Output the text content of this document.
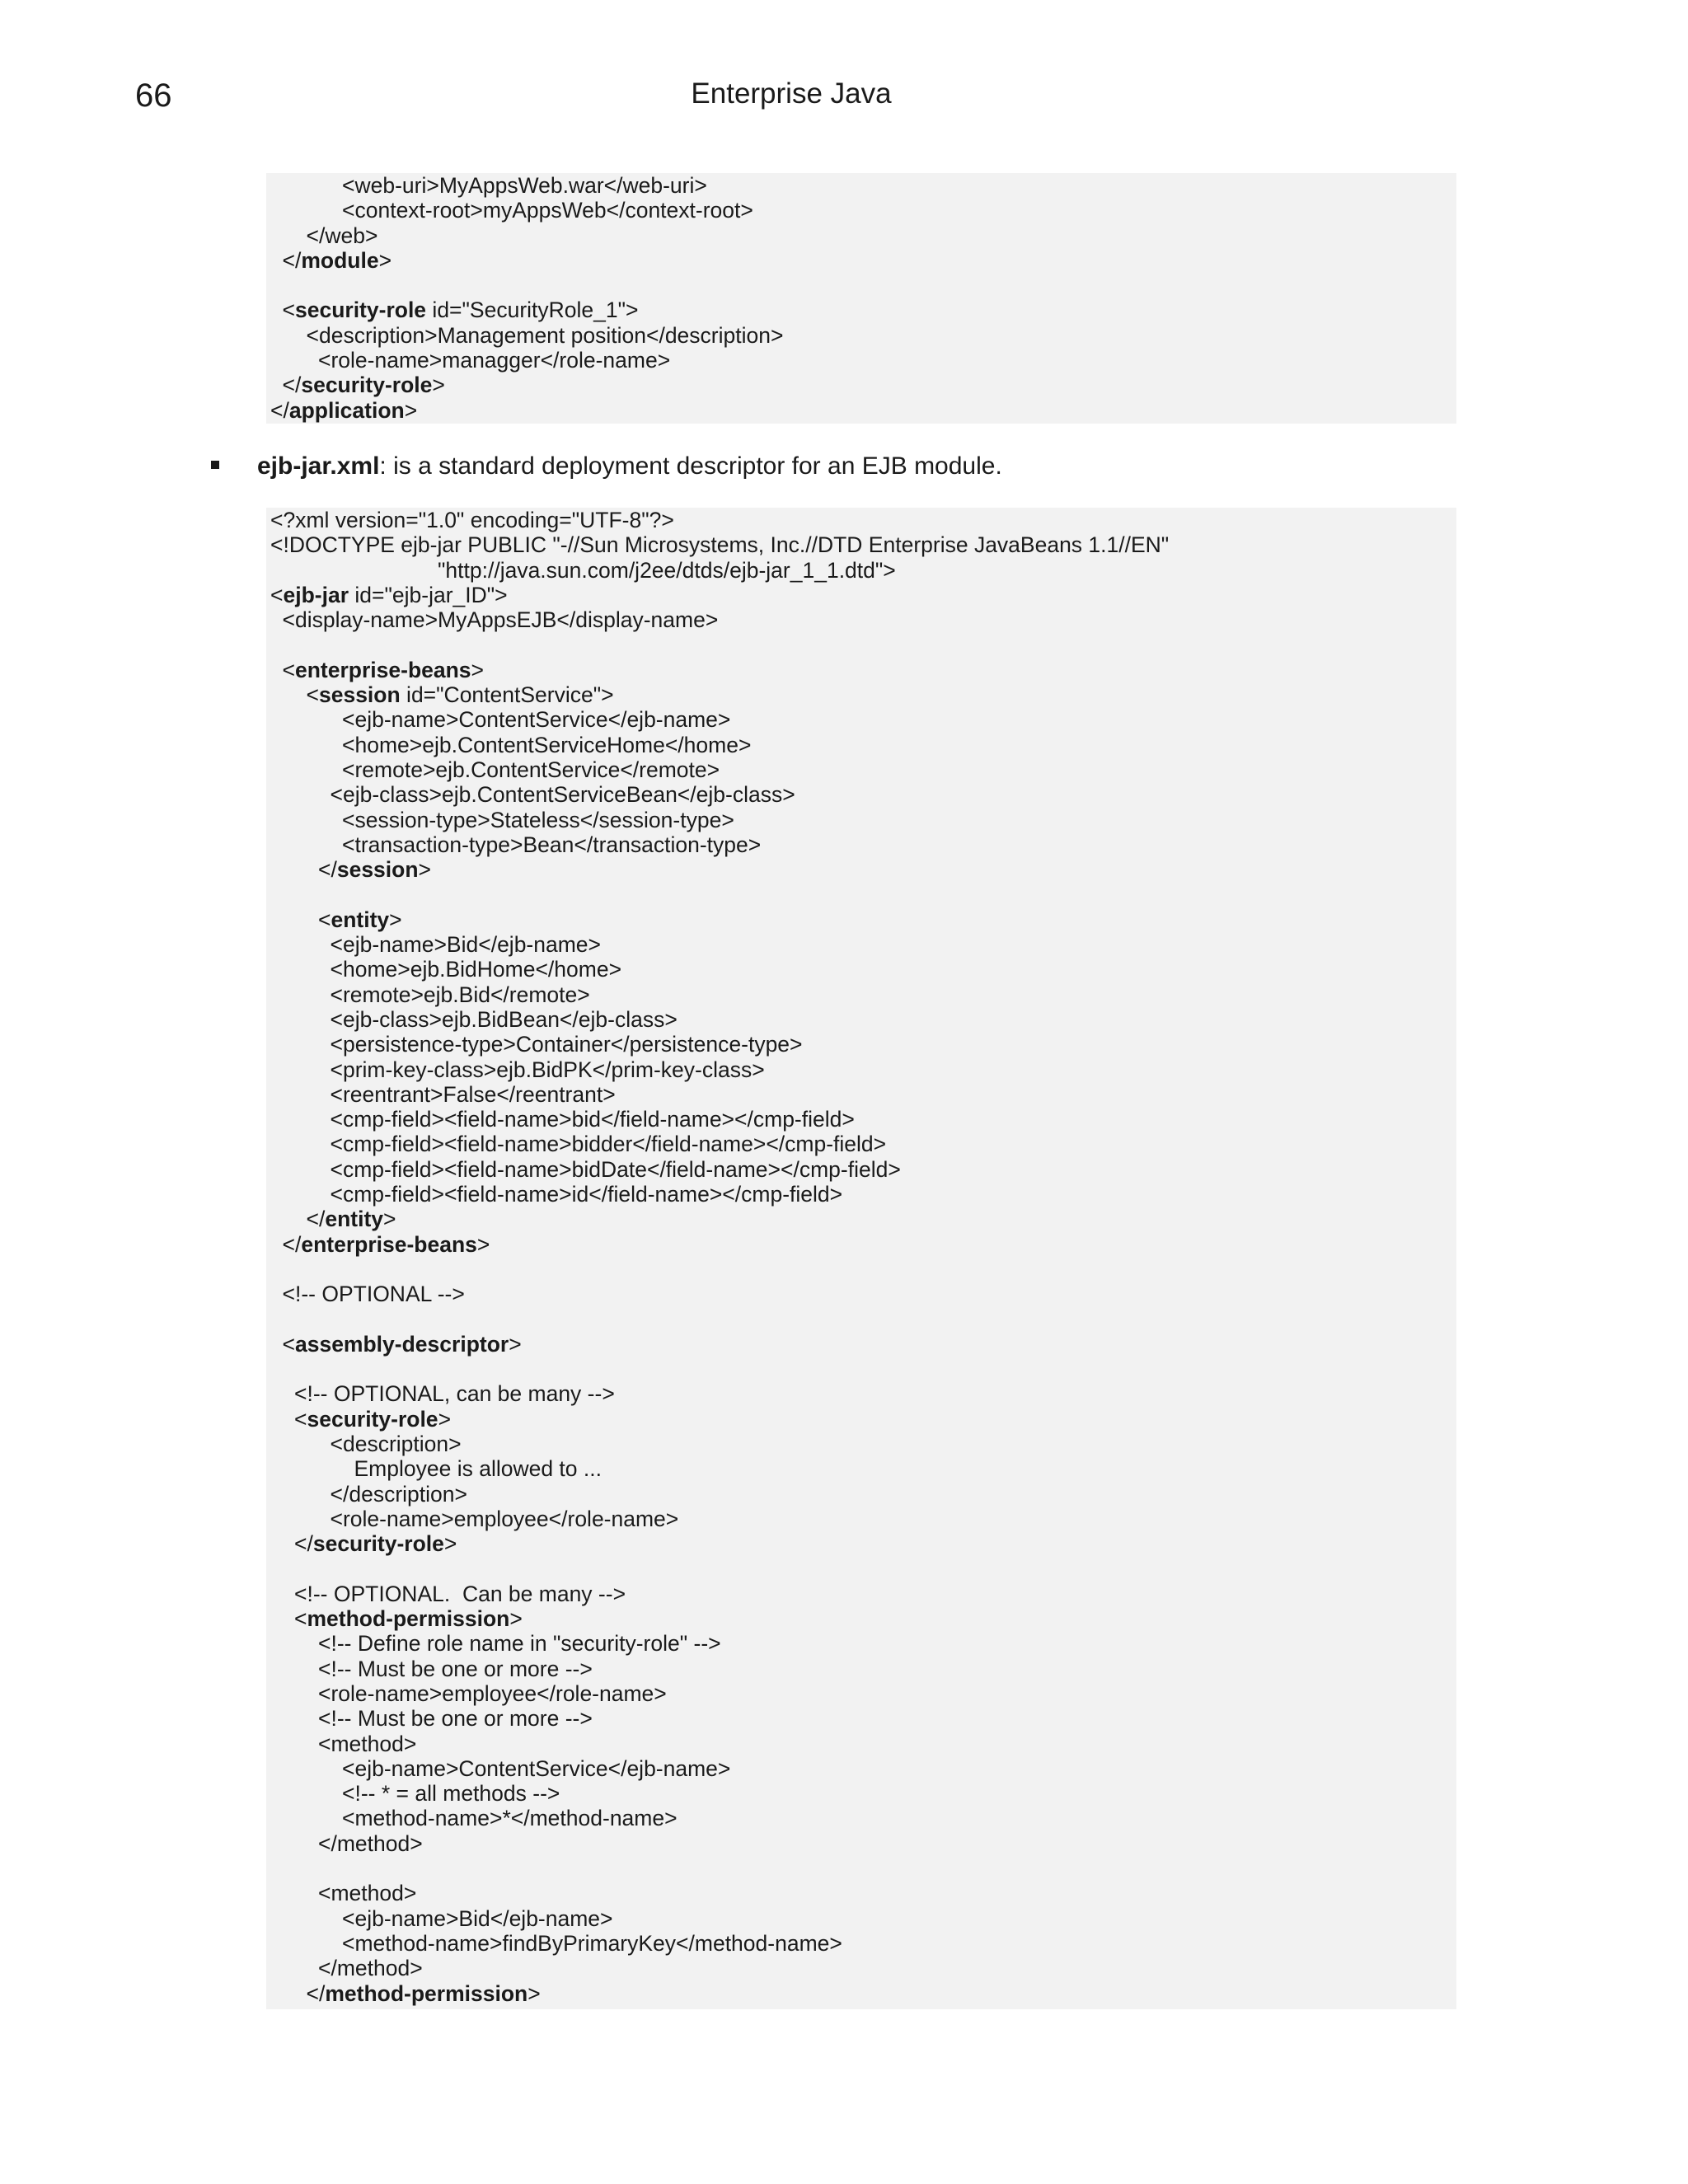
66	Enterprise Java
<web-uri>MyAppsWeb.war</web-uri>
<context-root>myAppsWeb</context-root>
</web>
</module>
<security-role id="SecurityRole_1">
<description>Management position</description>
<role-name>managger</role-name>
</security-role>
</application>
ejb-jar.xml: is a standard deployment descriptor for an EJB module.
<?xml version="1.0" encoding="UTF-8"?>
<!DOCTYPE ejb-jar PUBLIC "-//Sun Microsystems, Inc.//DTD Enterprise JavaBeans 1.1//EN"
"http://java.sun.com/j2ee/dtds/ejb-jar_1_1.dtd">
<ejb-jar id="ejb-jar_ID">
<display-name>MyAppsEJB</display-name>
<enterprise-beans>
<session id="ContentService">
<ejb-name>ContentService</ejb-name>
<home>ejb.ContentServiceHome</home>
<remote>ejb.ContentService</remote>
<ejb-class>ejb.ContentServiceBean</ejb-class>
<session-type>Stateless</session-type>
<transaction-type>Bean</transaction-type>
</session>
<entity>
<ejb-name>Bid</ejb-name>
<home>ejb.BidHome</home>
<remote>ejb.Bid</remote>
<ejb-class>ejb.BidBean</ejb-class>
<persistence-type>Container</persistence-type>
<prim-key-class>ejb.BidPK</prim-key-class>
<reentrant>False</reentrant>
<cmp-field><field-name>bid</field-name></cmp-field>
<cmp-field><field-name>bidder</field-name></cmp-field>
<cmp-field><field-name>bidDate</field-name></cmp-field>
<cmp-field><field-name>id</field-name></cmp-field>
</entity>
</enterprise-beans>
<!-- OPTIONAL -->
<assembly-descriptor>
<!-- OPTIONAL, can be many -->
<security-role>
<description>
Employee is allowed to ...
</description>
<role-name>employee</role-name>
</security-role>
<!-- OPTIONAL.  Can be many -->
<method-permission>
<!-- Define role name in "security-role" -->
<!-- Must be one or more -->
<role-name>employee</role-name>
<!-- Must be one or more -->
<method>
<ejb-name>ContentService</ejb-name>
<!-- * = all methods -->
<method-name>*</method-name>
</method>
<method>
<ejb-name>Bid</ejb-name>
<method-name>findByPrimaryKey</method-name>
</method>
</method-permission>
